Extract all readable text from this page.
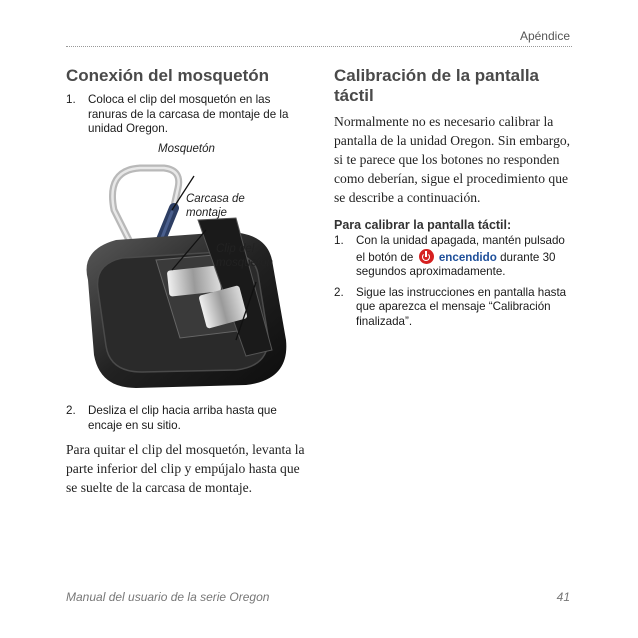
Apéndice
Conexión del mosquetón
1.	Coloca el clip del mosquetón en las ranuras de la carcasa de montaje de la unidad Oregon.
Mosquetón
Carcasa de montaje
Clip del mosquetón
2.	Desliza el clip hacia arriba hasta que encaje en su sitio.

Para quitar el clip del mosquetón, levanta la parte inferior del clip y empújalo hasta que se suelte de la carcasa de montaje.

Calibración de la pantalla táctil

Normalmente no es necesario calibrar la pantalla de la unidad Oregon. Sin embargo, si te parece que los botones no responden como deberían, sigue el procedimiento que se describe a continuación.

Para calibrar la pantalla táctil:

1.	Con la unidad apagada, mantén pulsado el botón de encendido durante 30 segundos aproximadamente.
2.	Sigue las instrucciones en pantalla hasta que aparezca el mensaje “Calibración finalizada”.
Manual del usuario de la serie Oregon	41
